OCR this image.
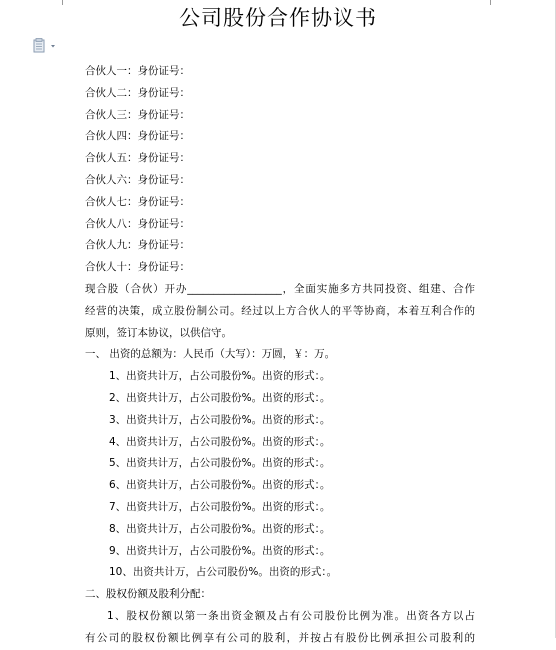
公司股份合作协议书
合伙人一：身份证号：
合伙人二：身份证号：
合伙人三：身份证号：
合伙人四：身份证号：
合伙人五：身份证号：
合伙人六：身份证号：
合伙人七：身份证号：
合伙人八：身份证号：
合伙人九：身份证号：
合伙人十：身份证号：
现合股（合伙）开办__________________，全面实施多方共同投资、组建、合作
经营的决策，成立股份制公司。经过以上方合伙人的平等协商，本着互利合作的
原则，签订本协议，以供信守。
一、 出资的总额为：人民币（大写）：万圆，￥：万。
1、出资共计万，占公司股份%。出资的形式：。
2、出资共计万，占公司股份%。出资的形式：。
3、出资共计万，占公司股份%。出资的形式：。
4、出资共计万，占公司股份%。出资的形式：。
5、出资共计万，占公司股份%。出资的形式：。
6、出资共计万，占公司股份%。出资的形式：。
7、出资共计万，占公司股份%。出资的形式：。
8、出资共计万，占公司股份%。出资的形式：。
9、出资共计万，占公司股份%。出资的形式：。
10、出资共计万，占公司股份%。出资的形式：。
二、股权份额及股利分配：
1、股权份额以第一条出资金额及占有公司股份比例为准。出资各方以占
有公司的股权份额比例享有公司的股利，并按占有股份比例承担公司股利的
